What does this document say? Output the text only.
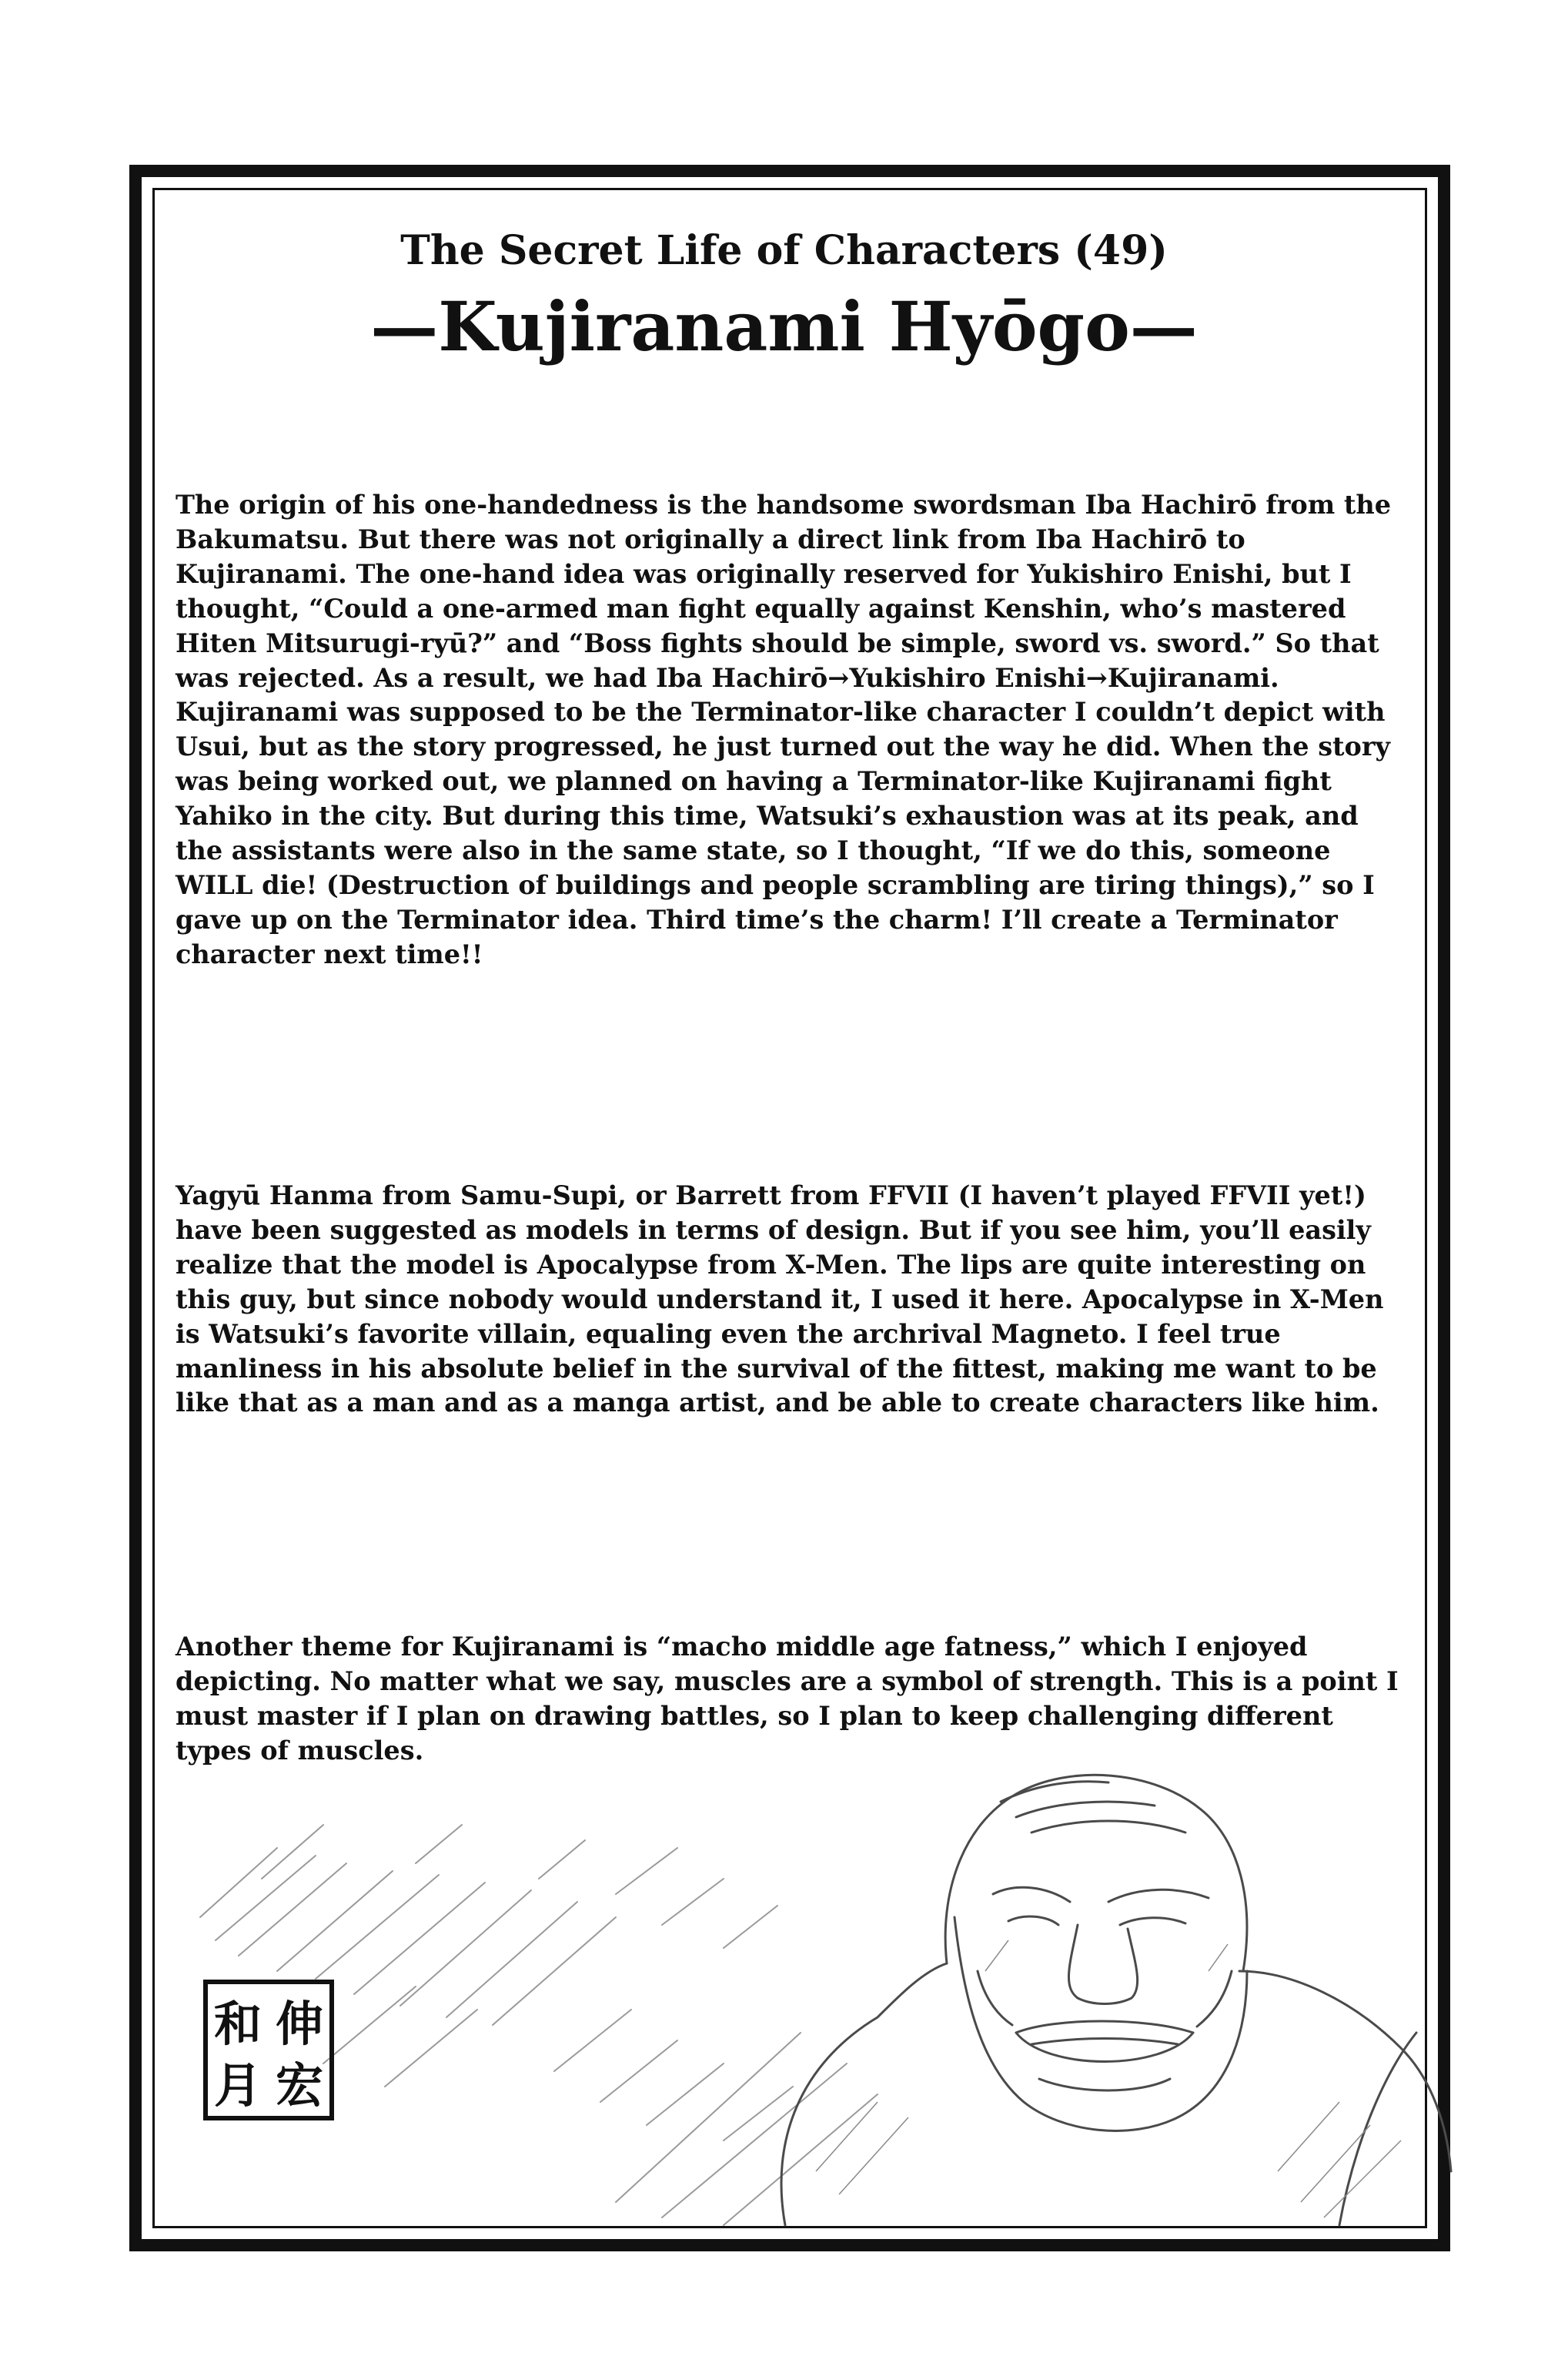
The Secret Life of Characters (49)
—Kujiranami Hyōgo—

The origin of his one-handedness is the handsome swordsman Iba Hachirō from the Bakumatsu. But there was not originally a direct link from Iba Hachirō to Kujiranami. The one-hand idea was originally reserved for Yukishiro Enishi, but I thought, “Could a one-armed man fight equally against Kenshin, who’s mastered Hiten Mitsurugi-ryū?” and “Boss fights should be simple, sword vs. sword.” So that was rejected. As a result, we had Iba Hachirō→Yukishiro Enishi→Kujiranami. Kujiranami was supposed to be the Terminator-like character I couldn’t depict with Usui, but as the story progressed, he just turned out the way he did. When the story was being worked out, we planned on having a Terminator-like Kujiranami fight Yahiko in the city. But during this time, Watsuki’s exhaustion was at its peak, and the assistants were also in the same state, so I thought, “If we do this, someone WILL die! (Destruction of buildings and people scrambling are tiring things),” so I gave up on the Terminator idea. Third time’s the charm! I’ll create a Terminator character next time!!

Yagyū Hanma from Samu-Supi, or Barrett from FFVII (I haven’t played FFVII yet!) have been suggested as models in terms of design. But if you see him, you’ll easily realize that the model is Apocalypse from X-Men. The lips are quite interesting on this guy, but since nobody would understand it, I used it here. Apocalypse in X-Men is Watsuki’s favorite villain, equaling even the archrival Magneto. I feel true manliness in his absolute belief in the survival of the fittest, making me want to be like that as a man and as a manga artist, and be able to create characters like him.

Another theme for Kujiranami is “macho middle age fatness,” which I enjoyed depicting. No matter what we say, muscles are a symbol of strength. This is a point I must master if I plan on drawing battles, so I plan to keep challenging different types of muscles.

伸
宏
和
月
